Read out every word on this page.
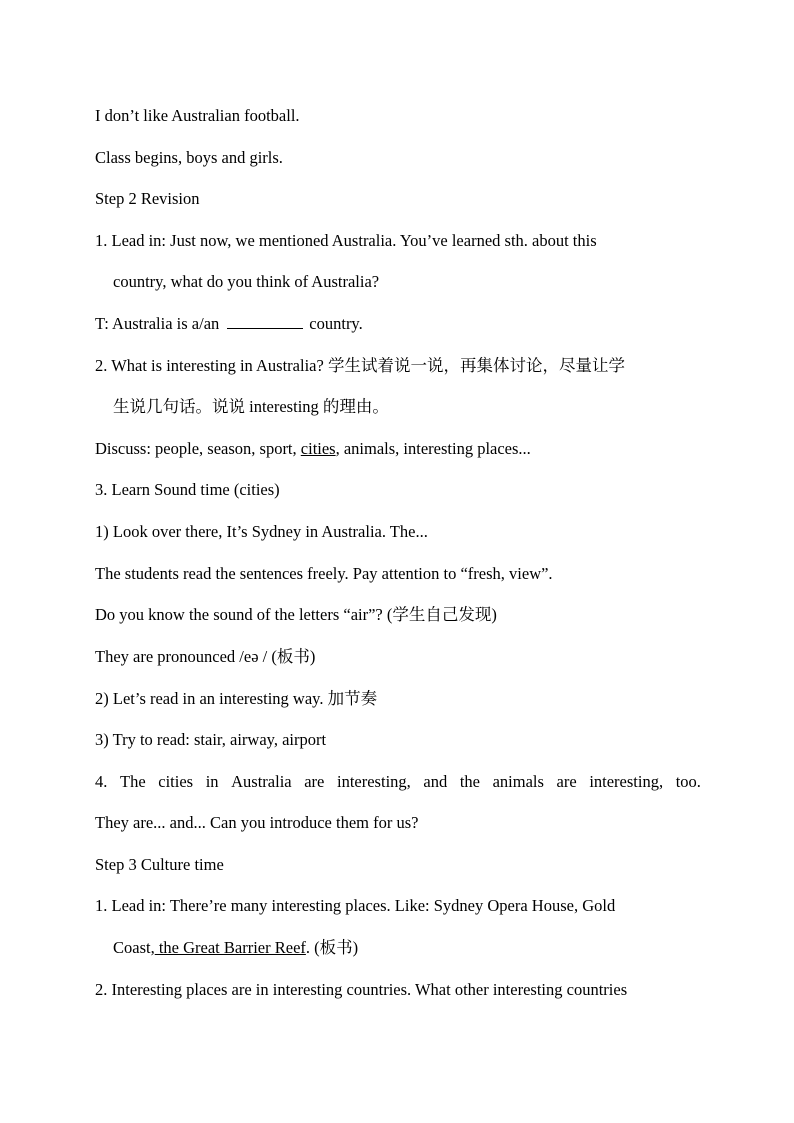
I don’t like Australian football.
Class begins, boys and girls.
Step 2 Revision
1. Lead in: Just now, we mentioned Australia. You’ve learned sth. about this
country, what do you think of Australia?
T: Australia is a/an	country.
2. What is interesting in Australia? 学生试着说一说，再集体讨论，尽量让学
生说几句话。说说 interesting 的理由。
Discuss: people, season, sport, cities, animals, interesting places...
3. Learn Sound time (cities)
1) Look over there, It’s Sydney in Australia. The...
The students read the sentences freely. Pay attention to “fresh, view”.
Do you know the sound of the letters “air”? (学生自己发现)
They are pronounced /eə / (板书)
2) Let’s read in an interesting way. 加节奏
3) Try to read: stair, airway, airport
4. The cities in Australia are interesting, and the animals are interesting, too.
They are... and... Can you introduce them for us?
Step 3 Culture time
1. Lead in: There’re many interesting places. Like: Sydney Opera House, Gold
Coast, the Great Barrier Reef. (板书)
2. Interesting places are in interesting countries. What other interesting countries
